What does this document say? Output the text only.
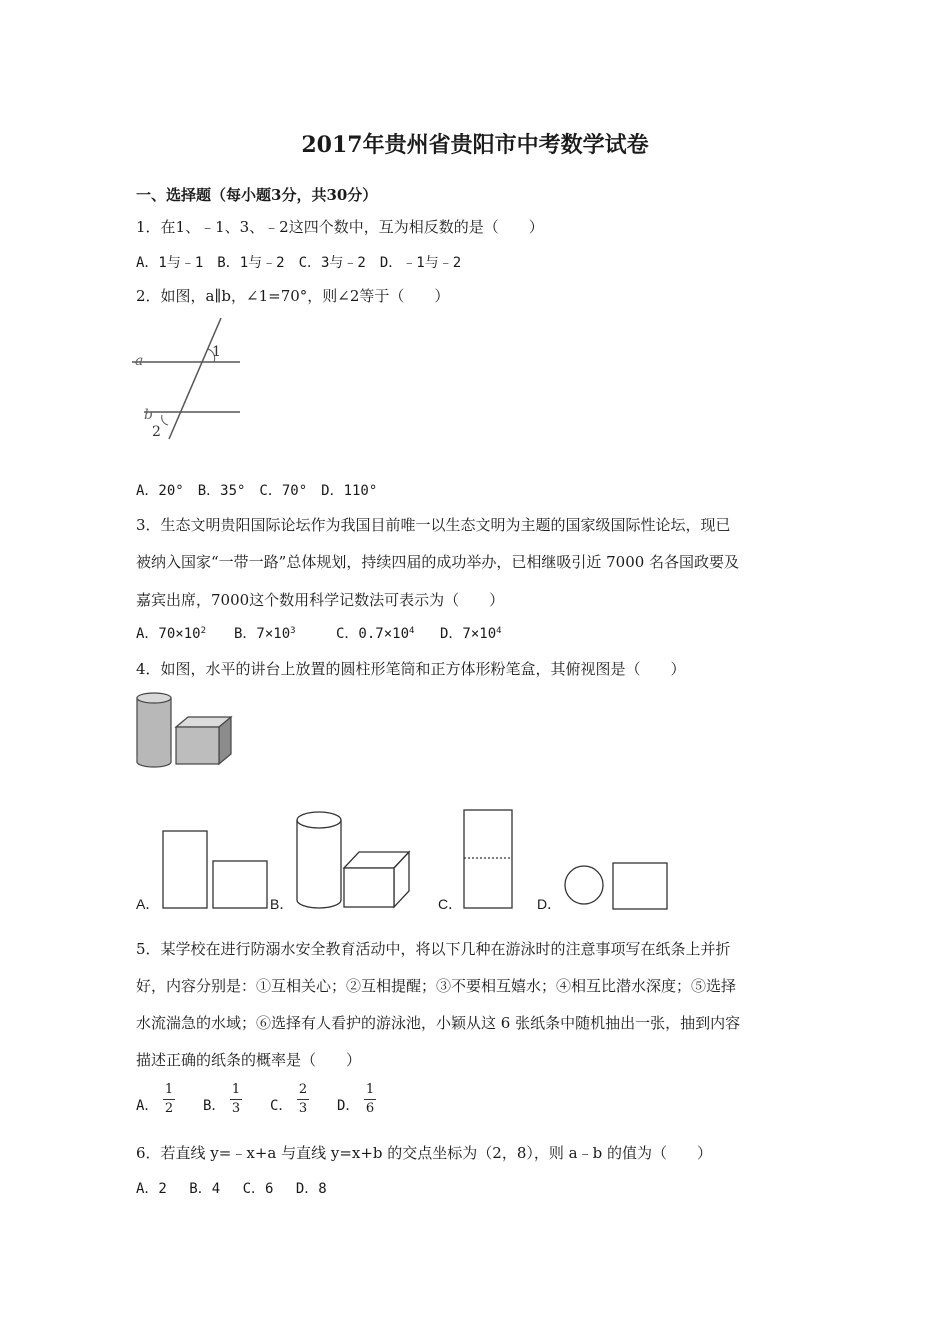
2017年贵州省贵阳市中考数学试卷
一、选择题（每小题3分，共30分）
1．在1、﹣1、3、﹣2这四个数中，互为相反数的是（　　）
A．1与﹣1　B．1与﹣2　C．3与﹣2　D．﹣1与﹣2
2．如图，a∥b，∠1=70°，则∠2等于（　　）
a
b
1
2
A．20°　B．35°　C．70°　D．110°
3．生态文明贵阳国际论坛作为我国目前唯一以生态文明为主题的国家级国际性论坛，现已
被纳入国家“一带一路”总体规划，持续四届的成功举办，已相继吸引近 7000 名各国政要及
嘉宾出席，7000这个数用科学记数法可表示为（　　）
A．$70\times 10^2$ B．$7\times 10^3$	C．$0.7\times 10^4$ D．$7\times 10^4$
4．如图，水平的讲台上放置的圆柱形笔筒和正方体形粉笔盒，其俯视图是（　　）
A．	B．	C．	D．
5．某学校在进行防溺水安全教育活动中，将以下几种在游泳时的注意事项写在纸条上并折
好，内容分别是：①互相关心；②互相提醒；③不要相互嬉水；④相互比潜水深度；⑤选择
水流湍急的水域；⑥选择有人看护的游泳池，小颖从这 6 张纸条中随机抽出一张，抽到内容
描述正确的纸条的概率是（　　）
A．
1
2 B．
1
3 C．
2
3 D．
1
6
6．若直线 y=﹣x+a 与直线 y=x+b 的交点坐标为（2，8），则 a﹣b 的值为（　　）
A．2　 B．4　 C．6　 D．8
